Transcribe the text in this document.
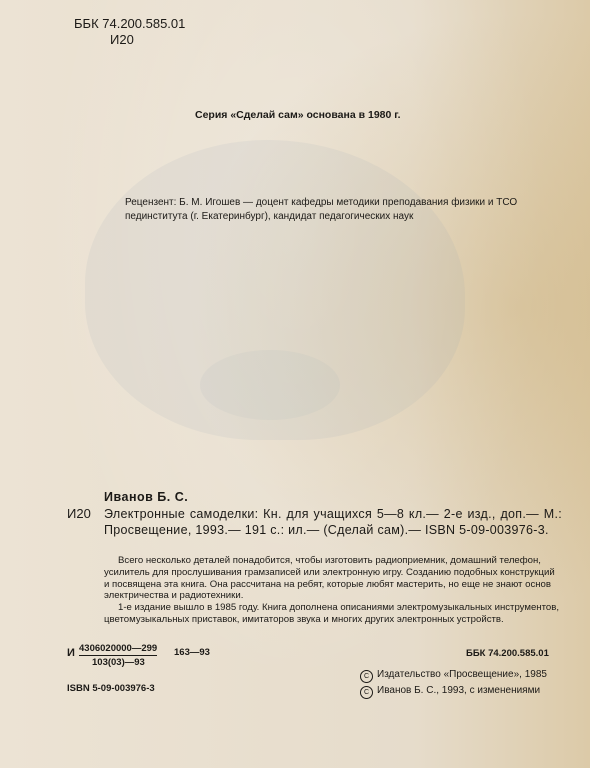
ББК 74.200.585.01
И20
Серия «Сделай сам» основана в 1980 г.
Рецензент: Б. М. Игошев — доцент кафедры методики преподавания физики и ТСО пединститута (г. Екатеринбург), кандидат педагогических наук
Иванов Б. С.
И20 Электронные самоделки: Кн. для учащихся 5—8 кл.— 2-е изд., доп.— М.: Просвещение, 1993.— 191 с.: ил.— (Сделай сам).— ISBN 5-09-003976-3.

Всего несколько деталей понадобится, чтобы изготовить радиоприемник, домашний телефон, усилитель для прослушивания грамзаписей или электронную игру. Созданию подобных конструкций и посвящена эта книга. Она рассчитана на ребят, которые любят мастерить, но еще не знают основ электричества и радиотехники.

1-е издание вышло в 1985 году. Книга дополнена описаниями электромузыкальных инструментов, цветомузыкальных приставок, имитаторов звука и многих других электронных устройств.

И 4306020000—299
103(03)—93
163—93	ББК 74.200.585.01
ISBN 5-09-003976-3
C Издательство «Просвещение», 1985
C Иванов Б. С., 1993, с изменениями
